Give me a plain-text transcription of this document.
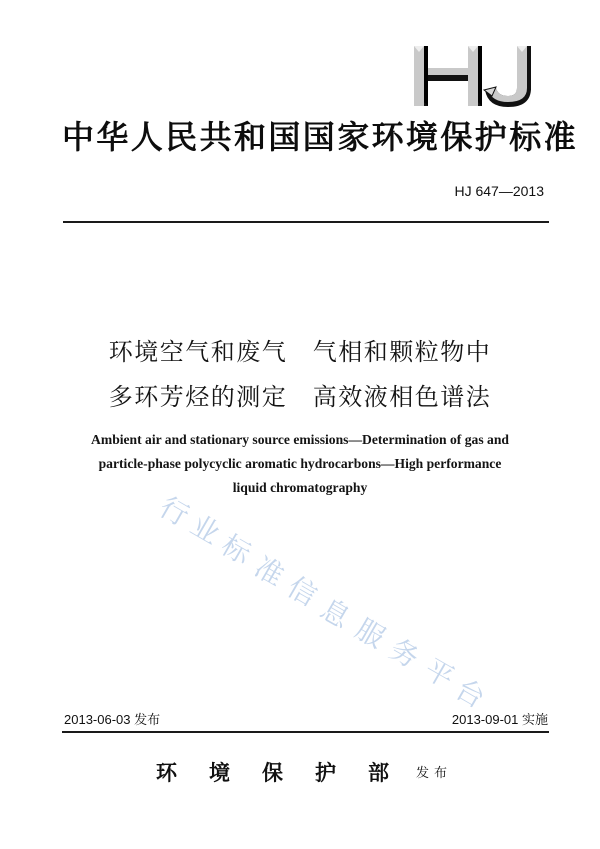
中华人民共和国国家环境保护标准
HJ 647—2013
环境空气和废气　气相和颗粒物中
多环芳烃的测定　高效液相色谱法
Ambient air and stationary source emissions—Determination of gas and
particle-phase polycyclic aromatic hydrocarbons—High performance
liquid chromatography
行
业
标
准
信
息
服
务
平
台
2013-06-03 发布	2013-09-01 实施
环 境 保 护 部 发布
